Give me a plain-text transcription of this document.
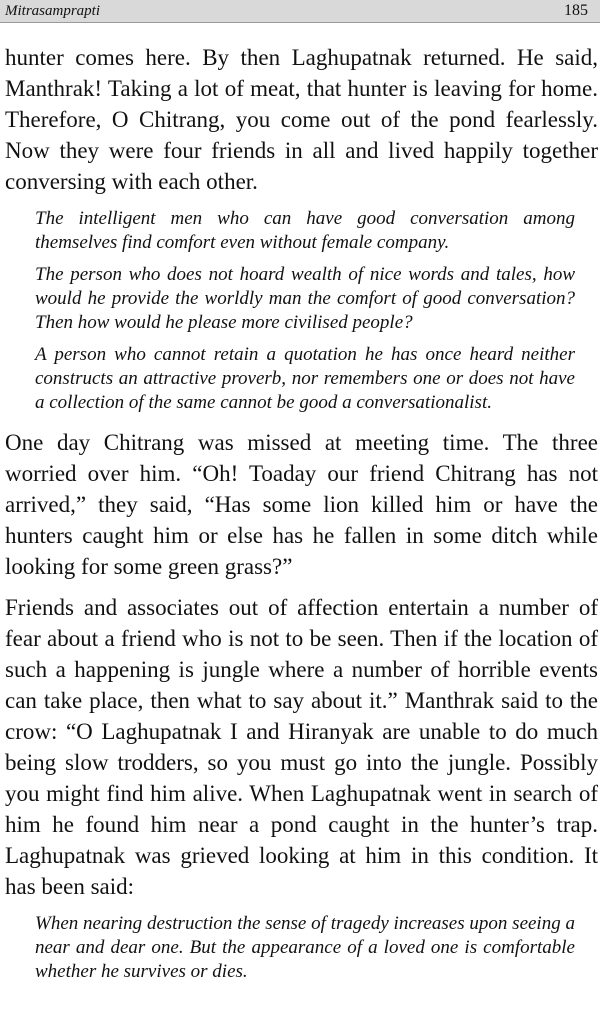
Mitrasamprapti	185

hunter comes here. By then Laghupatnak returned. He said, Manthrak! Taking a lot of meat, that hunter is leaving for home. Therefore, O Chitrang, you come out of the pond fearlessly. Now they were four friends in all and lived happily together conversing with each other.

The intelligent men who can have good conversation among themselves find comfort even without female company.

The person who does not hoard wealth of nice words and tales, how would he provide the worldly man the comfort of good conversation? Then how would he please more civilised people?

A person who cannot retain a quotation he has once heard neither constructs an attractive proverb, nor remembers one or does not have a collection of the same cannot be good a conversationalist.

One day Chitrang was missed at meeting time. The three worried over him. “Oh! Toaday our friend Chitrang has not arrived,” they said, “Has some lion killed him or have the hunters caught him or else has he fallen in some ditch while looking for some green grass?”

Friends and associates out of affection entertain a number of fear about a friend who is not to be seen. Then if the location of such a happening is jungle where a number of horrible events can take place, then what to say about it.” Manthrak said to the crow: “O Laghupatnak I and Hiranyak are unable to do much being slow trodders, so you must go into the jungle. Possibly you might find him alive. When Laghupatnak went in search of him he found him near a pond caught in the hunter’s trap. Laghupatnak was grieved looking at him in this condition. It has been said:

When nearing destruction the sense of tragedy increases upon seeing a near and dear one. But the appearance of a loved one is comfortable whether he survives or dies.
